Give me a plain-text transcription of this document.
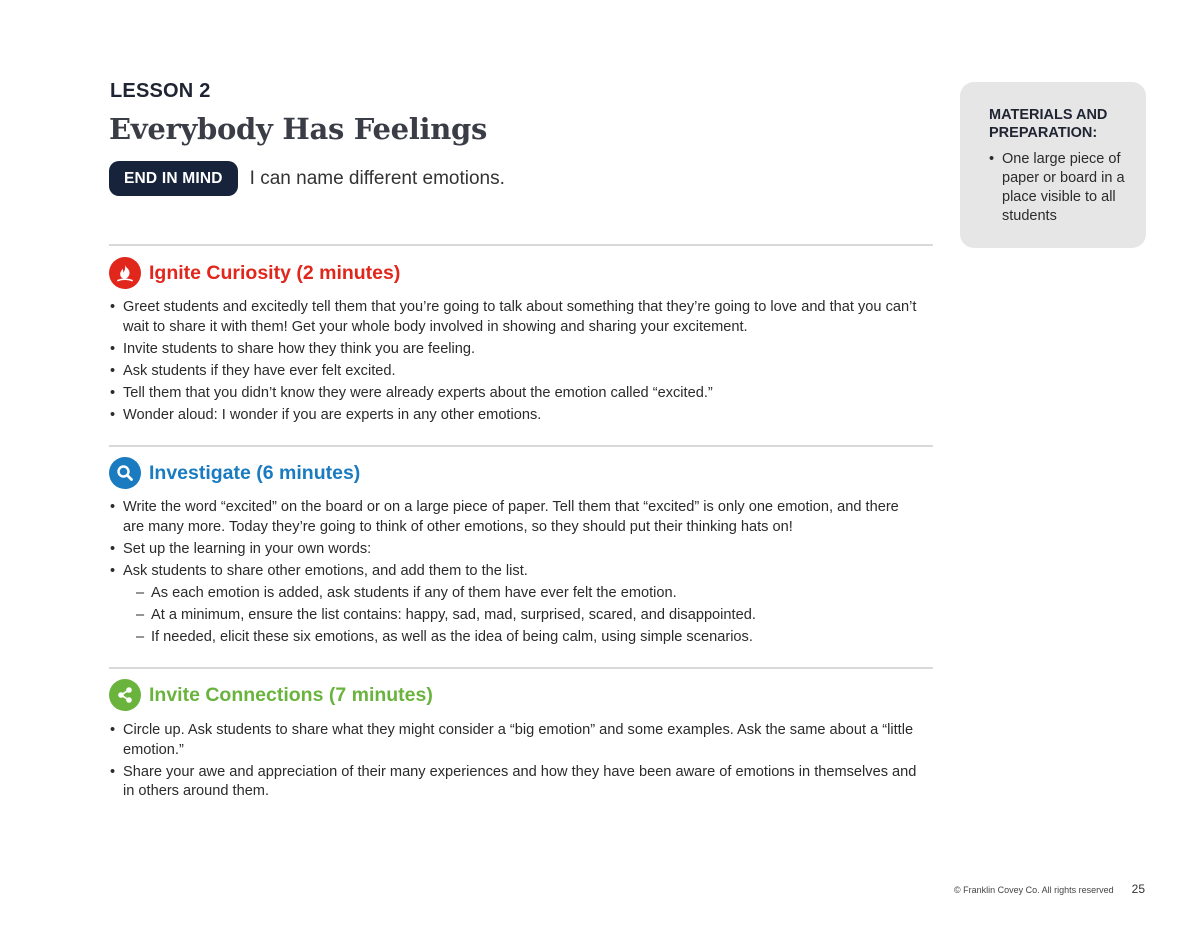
LESSON 2
Everybody Has Feelings
END IN MIND	I can name different emotions.
MATERIALS AND PREPARATION:
• One large piece of paper or board in a place visible to all students
Ignite Curiosity (2 minutes)
• Greet students and excitedly tell them that you’re going to talk about something that they’re going to love and that you can’t wait to share it with them! Get your whole body involved in showing and sharing your excitement.
• Invite students to share how they think you are feeling.
• Ask students if they have ever felt excited.
• Tell them that you didn’t know they were already experts about the emotion called “excited.”
• Wonder aloud: I wonder if you are experts in any other emotions.
Investigate (6 minutes)
• Write the word “excited” on the board or on a large piece of paper. Tell them that “excited” is only one emotion, and there are many more. Today they’re going to think of other emotions, so they should put their thinking hats on!
• Set up the learning in your own words:
• Ask students to share other emotions, and add them to the list.
– As each emotion is added, ask students if any of them have ever felt the emotion.
– At a minimum, ensure the list contains: happy, sad, mad, surprised, scared, and disappointed.
– If needed, elicit these six emotions, as well as the idea of being calm, using simple scenarios.
Invite Connections (7 minutes)
• Circle up. Ask students to share what they might consider a “big emotion” and some examples. Ask the same about a “little emotion.”
• Share your awe and appreciation of their many experiences and how they have been aware of emotions in themselves and in others around them.
© Franklin Covey Co. All rights reserved 25
